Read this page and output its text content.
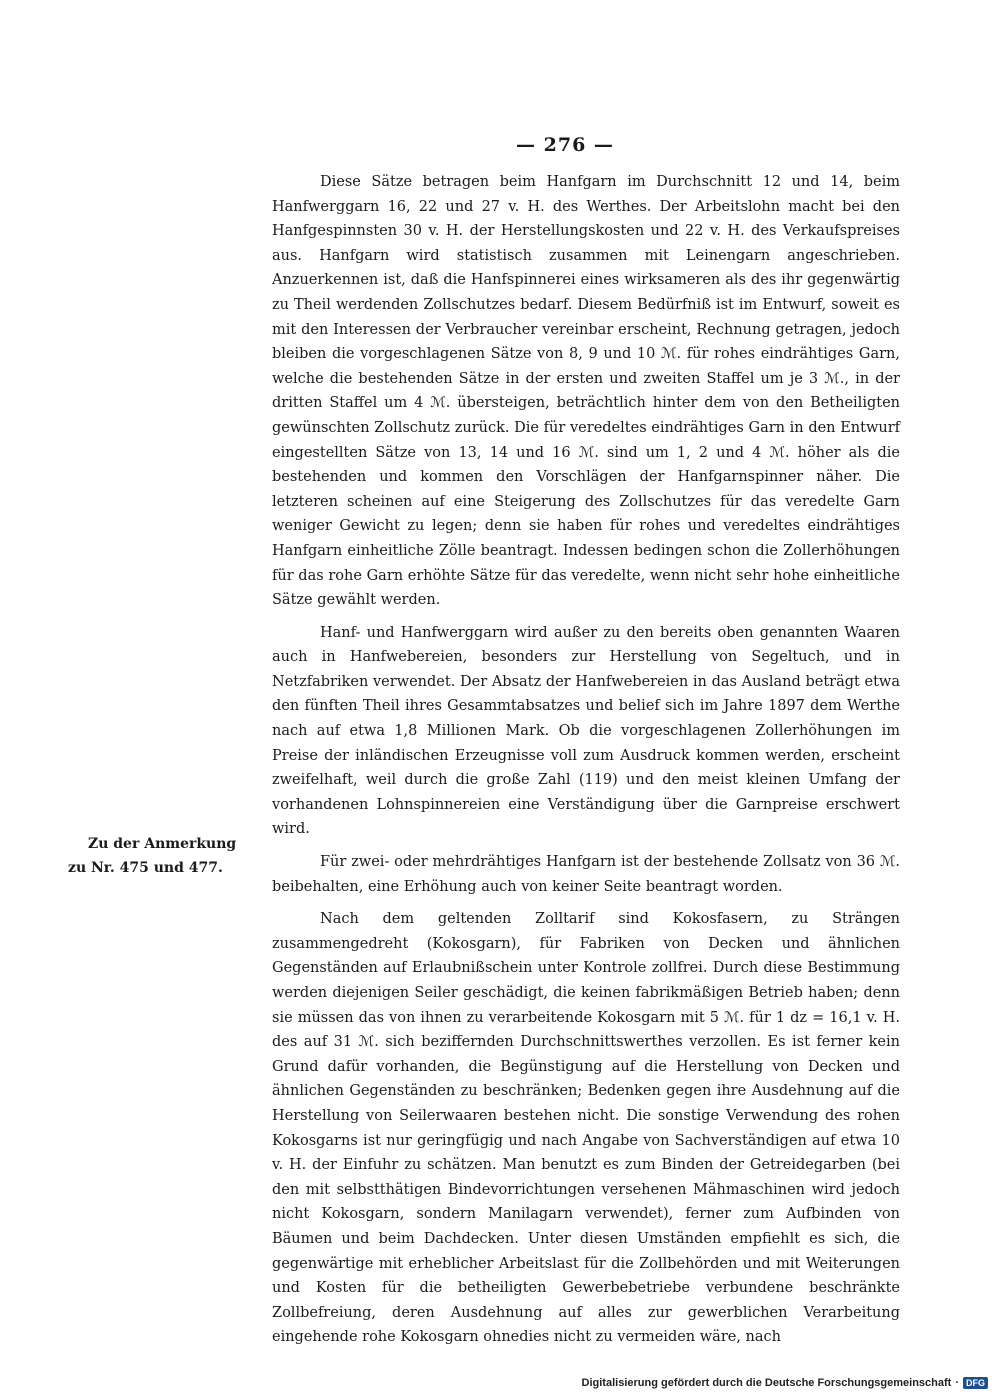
— 276 —
Zu der Anmerkung
zu Nr. 475 und 477.

Diese Sätze betragen beim Hanfgarn im Durchschnitt 12 und 14, beim Hanfwerggarn 16, 22 und 27 v. H. des Werthes. Der Arbeitslohn macht bei den Hanfgespinnsten 30 v. H. der Herstellungskosten und 22 v. H. des Verkaufspreises aus. Hanfgarn wird statistisch zusammen mit Leinengarn angeschrieben. Anzuerkennen ist, daß die Hanfspinnerei eines wirksameren als des ihr gegenwärtig zu Theil werdenden Zollschutzes bedarf. Diesem Bedürfniß ist im Entwurf, soweit es mit den Interessen der Verbraucher vereinbar erscheint, Rechnung getragen, jedoch bleiben die vorgeschlagenen Sätze von 8, 9 und 10 ℳ. für rohes eindrähtiges Garn, welche die bestehenden Sätze in der ersten und zweiten Staffel um je 3 ℳ., in der dritten Staffel um 4 ℳ. übersteigen, beträchtlich hinter dem von den Betheiligten gewünschten Zollschutz zurück. Die für veredeltes eindrähtiges Garn in den Entwurf eingestellten Sätze von 13, 14 und 16 ℳ. sind um 1, 2 und 4 ℳ. höher als die bestehenden und kommen den Vorschlägen der Hanfgarnspinner näher. Die letzteren scheinen auf eine Steigerung des Zollschutzes für das veredelte Garn weniger Gewicht zu legen; denn sie haben für rohes und veredeltes eindrähtiges Hanfgarn einheitliche Zölle beantragt. Indessen bedingen schon die Zollerhöhungen für das rohe Garn erhöhte Sätze für das veredelte, wenn nicht sehr hohe einheitliche Sätze gewählt werden.

Hanf- und Hanfwerggarn wird außer zu den bereits oben genannten Waaren auch in Hanfwebereien, besonders zur Herstellung von Segeltuch, und in Netzfabriken verwendet. Der Absatz der Hanfwebereien in das Ausland beträgt etwa den fünften Theil ihres Gesammtabsatzes und belief sich im Jahre 1897 dem Werthe nach auf etwa 1,8 Millionen Mark. Ob die vorgeschlagenen Zollerhöhungen im Preise der inländischen Erzeugnisse voll zum Ausdruck kommen werden, erscheint zweifelhaft, weil durch die große Zahl (119) und den meist kleinen Umfang der vorhandenen Lohnspinnereien eine Verständigung über die Garnpreise erschwert wird.

Für zwei- oder mehrdrähtiges Hanfgarn ist der bestehende Zollsatz von 36 ℳ. beibehalten, eine Erhöhung auch von keiner Seite beantragt worden.

Nach dem geltenden Zolltarif sind Kokosfasern, zu Strängen zusammengedreht (Kokosgarn), für Fabriken von Decken und ähnlichen Gegenständen auf Erlaubnißschein unter Kontrole zollfrei. Durch diese Bestimmung werden diejenigen Seiler geschädigt, die keinen fabrikmäßigen Betrieb haben; denn sie müssen das von ihnen zu verarbeitende Kokosgarn mit 5 ℳ. für 1 dz = 16,1 v. H. des auf 31 ℳ. sich beziffernden Durchschnittswerthes verzollen. Es ist ferner kein Grund dafür vorhanden, die Begünstigung auf die Herstellung von Decken und ähnlichen Gegenständen zu beschränken; Bedenken gegen ihre Ausdehnung auf die Herstellung von Seilerwaaren bestehen nicht. Die sonstige Verwendung des rohen Kokosgarns ist nur geringfügig und nach Angabe von Sachverständigen auf etwa 10 v. H. der Einfuhr zu schätzen. Man benutzt es zum Binden der Getreidegarben (bei den mit selbstthätigen Bindevorrichtungen versehenen Mähmaschinen wird jedoch nicht Kokosgarn, sondern Manilagarn verwendet), ferner zum Aufbinden von Bäumen und beim Dachdecken. Unter diesen Umständen empfiehlt es sich, die gegenwärtige mit erheblicher Arbeitslast für die Zollbehörden und mit Weiterungen und Kosten für die betheiligten Gewerbebetriebe verbundene beschränkte Zollbefreiung, deren Ausdehnung auf alles zur gewerblichen Verarbeitung eingehende rohe Kokosgarn ohnedies nicht zu vermeiden wäre, nach

Digitalisierung gefördert durch die Deutsche Forschungsgemeinschaft · DFG
